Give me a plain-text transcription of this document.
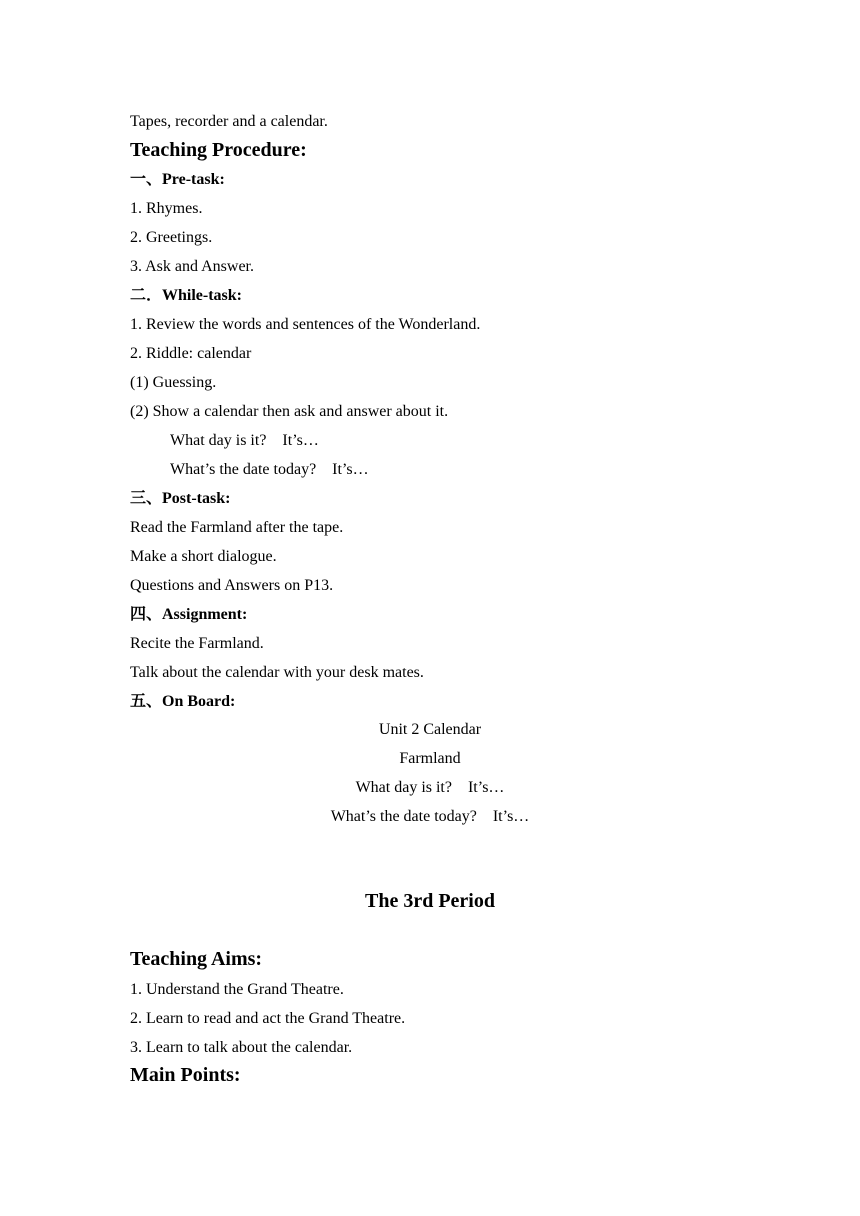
Tapes, recorder and a calendar.
Teaching Procedure:
一、Pre-task:
1. Rhymes.
2. Greetings.
3. Ask and Answer.
二．While-task:
1. Review the words and sentences of the Wonderland.
2. Riddle: calendar
(1) Guessing.
(2) Show a calendar then ask and answer about it.
What day is it?　It’s…
What’s the date today?　It’s…
三、Post-task:
Read the Farmland after the tape.
Make a short dialogue.
Questions and Answers on P13.
四、Assignment:
Recite the Farmland.
Talk about the calendar with your desk mates.
五、On Board:
Unit 2 Calendar
Farmland
What day is it?　It’s…
What’s the date today?　It’s…
The 3rd Period
Teaching Aims:
1. Understand the Grand Theatre.
2. Learn to read and act the Grand Theatre.
3. Learn to talk about the calendar.
Main Points:
